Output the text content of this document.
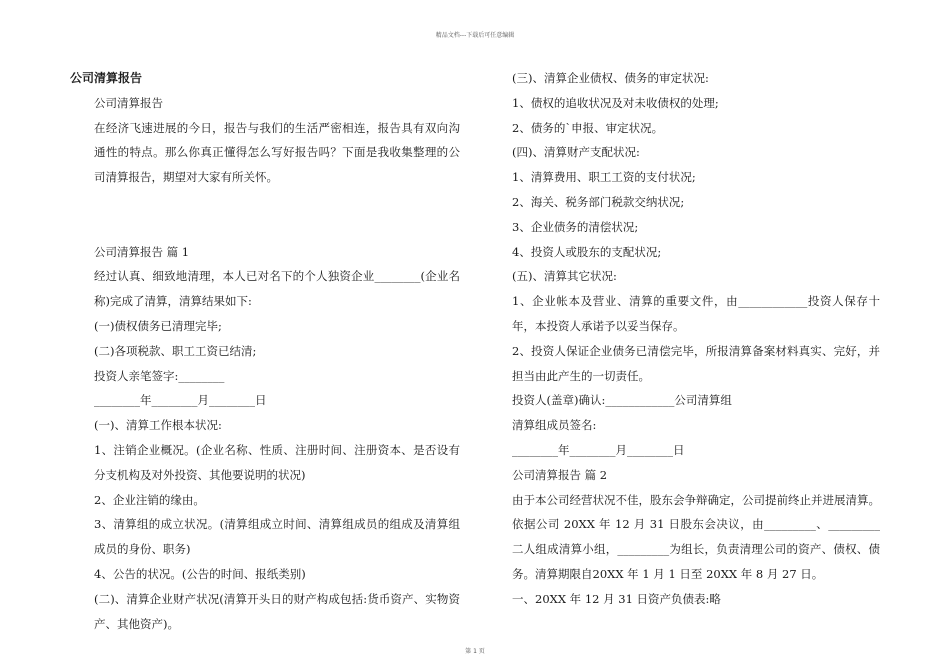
精品文档---下载后可任意编辑

公司清算报告

公司清算报告

在经济飞速进展的今日，报告与我们的生活严密相连，报告具有双向沟通性的特点。那么你真正懂得怎么写好报告吗？下面是我收集整理的公司清算报告，期望对大家有所关怀。

公司清算报告 篇 1

经过认真、细致地清理，本人已对名下的个人独资企业________(企业名称)完成了清算，清算结果如下:

(一)债权债务已清理完毕;

(二)各项税款、职工工资已结清;

投资人亲笔签字:________

________年________月________日

(一)、清算工作根本状况:

1、注销企业概况。(企业名称、性质、注册时间、注册资本、是否设有分支机构及对外投资、其他要说明的状况)

2、企业注销的缘由。

3、清算组的成立状况。(清算组成立时间、清算组成员的组成及清算组成员的身份、职务)

4、公告的状况。(公告的时间、报纸类别)

(二)、清算企业财产状况(清算开头日的财产构成包括:货币资产、实物资产、其他资产)。

(三)、清算企业债权、债务的审定状况:

1、债权的追收状况及对未收债权的处理;

2、债务的`申报、审定状况。

(四)、清算财产支配状况:

1、清算费用、职工工资的支付状况;

2、海关、税务部门税款交纳状况;

3、企业债务的清偿状况;

4、投资人或股东的支配状况;

(五)、清算其它状况:

1、企业帐本及营业、清算的重要文件，由____________投资人保存十年，本投资人承诺予以妥当保存。

2、投资人保证企业债务已清偿完毕，所报清算备案材料真实、完好，并担当由此产生的一切责任。

投资人(盖章)确认:____________公司清算组

清算组成员签名:

________年________月________日

公司清算报告 篇 2

由于本公司经营状况不佳，股东会争辩确定，公司提前终止并进展清算。依据公司 20XX 年 12 月 31 日股东会决议，由_________、_________二人组成清算小组，_________为组长，负责清理公司的资产、债权、债务。清算期限自20XX 年 1 月 1 日至 20XX 年 8 月 27 日。

一、20XX 年 12 月 31 日资产负债表:略

第 1 页
